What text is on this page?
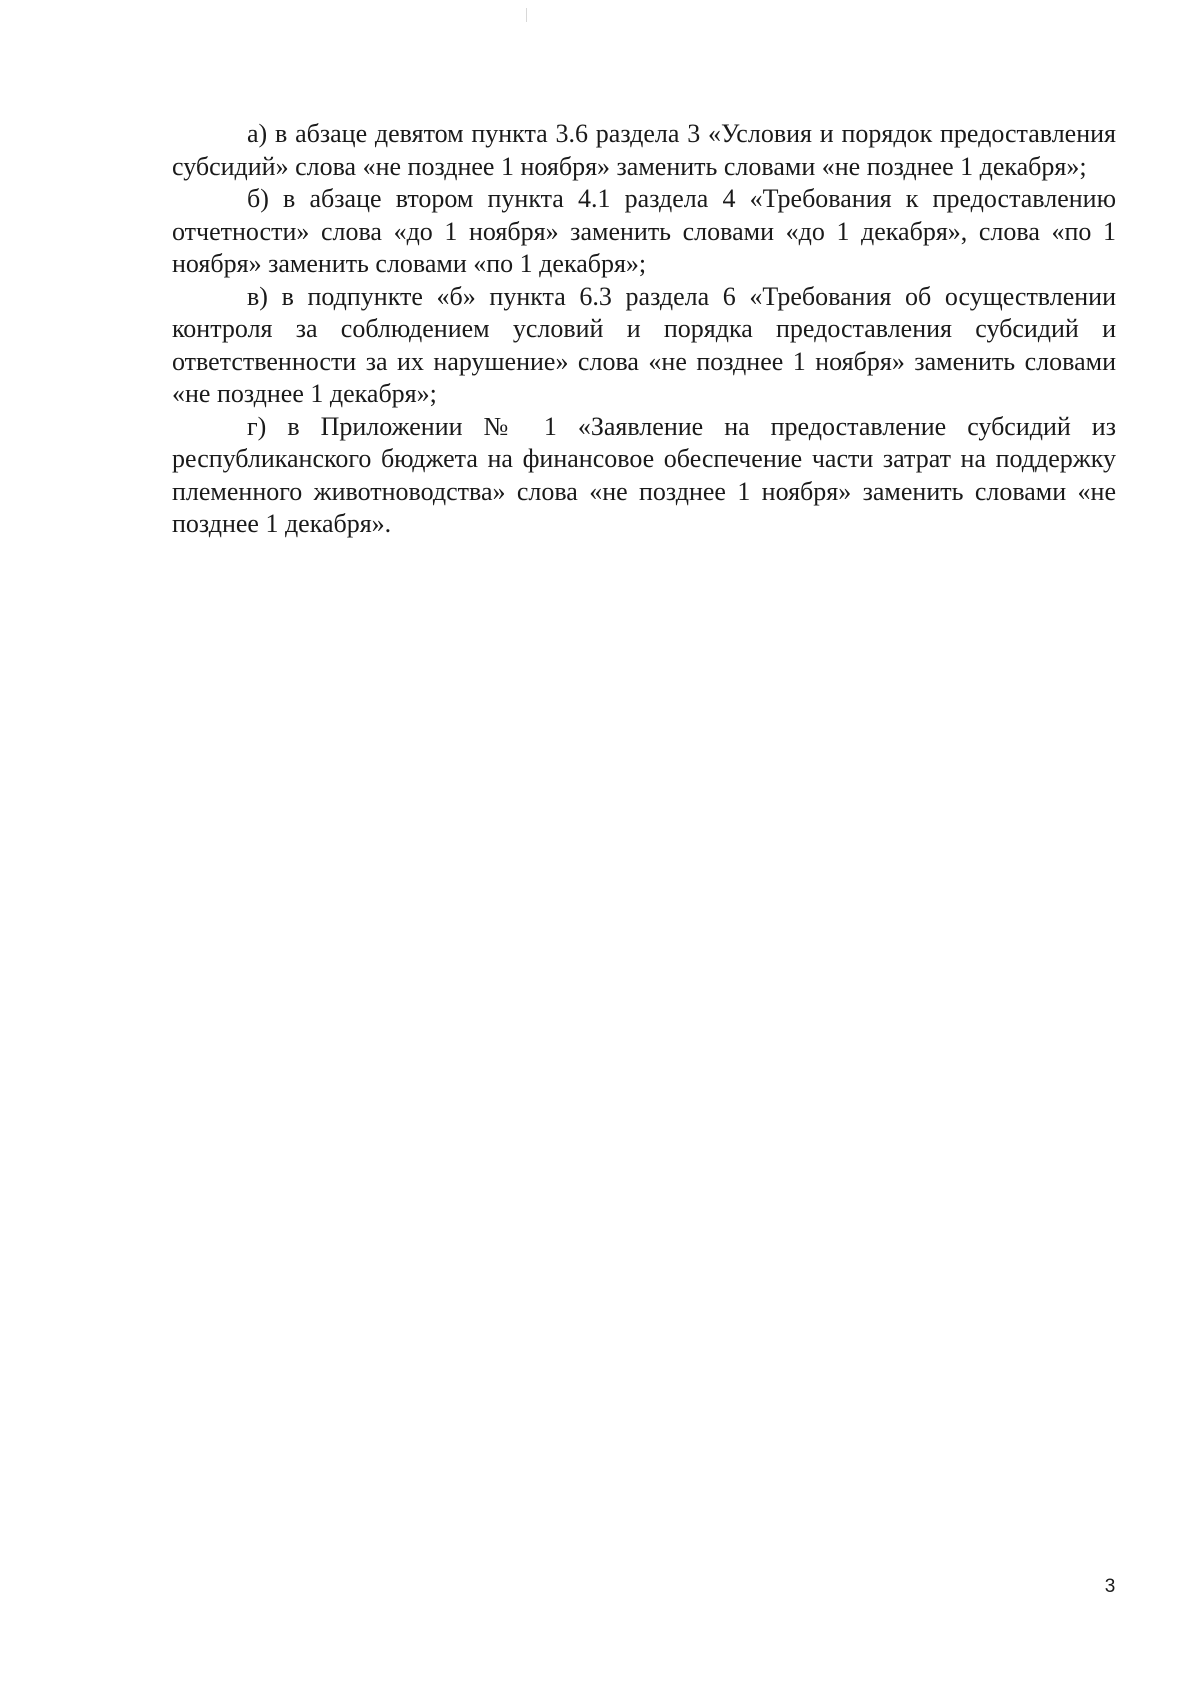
а) в абзаце девятом пункта 3.6 раздела 3 «Условия и порядок предоставления субсидий» слова «не позднее 1 ноября» заменить словами «не позднее 1 декабря»;

б) в абзаце втором пункта 4.1 раздела 4 «Требования к предоставлению отчетности» слова «до 1 ноября» заменить словами «до 1 декабря», слова «по 1 ноября» заменить словами «по 1 декабря»;

в) в подпункте «б» пункта 6.3 раздела 6 «Требования об осуществлении контроля за соблюдением условий и порядка предоставления субсидий и ответственности за их нарушение» слова «не позднее 1 ноября» заменить словами «не позднее 1 декабря»;

г) в Приложении № 1 «Заявление на предоставление субсидий из республиканского бюджета на финансовое обеспечение части затрат на поддержку племенного животноводства» слова «не позднее 1 ноября» заменить словами «не позднее 1 декабря».

3
